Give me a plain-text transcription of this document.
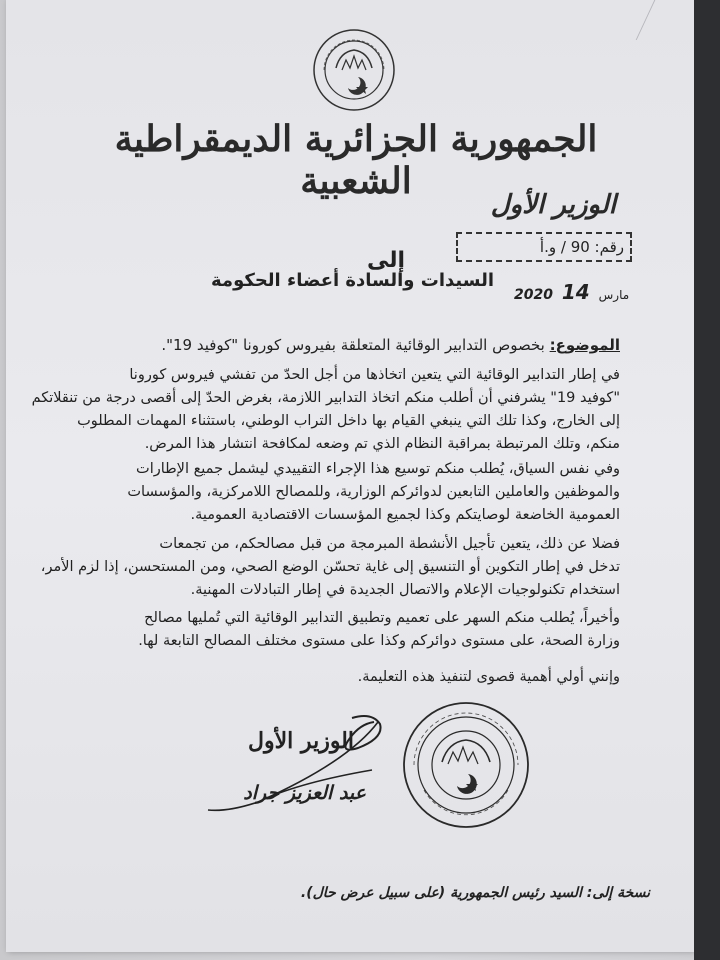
الجمهورية الجزائرية الديمقراطية الشعبية
الوزير الأول
رقم: 90 / و.أ
إلى
السيدات والسادة أعضاء الحكومة
2020	مارس  14
الموضوع: بخصوص التدابير الوقائية المتعلقة بفيروس كورونا "كوفيد 19".
في إطار التدابير الوقائية التي يتعين اتخاذها من أجل الحدّ من تفشي فيروس كورونا
"كوفيد 19" يشرفني أن أطلب منكم اتخاذ التدابير اللازمة، بغرض الحدّ إلى أقصى درجة من تنقلاتكم
إلى الخارج، وكذا تلك التي ينبغي القيام بها داخل التراب الوطني، باستثناء المهمات المطلوب
منكم، وتلك المرتبطة بمراقبة النظام الذي تم وضعه لمكافحة انتشار هذا المرض.
وفي نفس السياق، يُطلب منكم توسيع هذا الإجراء التقييدي ليشمل جميع الإطارات
والموظفين والعاملين التابعين لدوائركم الوزارية، وللمصالح اللامركزية، والمؤسسات
العمومية الخاضعة لوصايتكم وكذا لجميع المؤسسات الاقتصادية العمومية.
فضلا عن ذلك، يتعين تأجيل الأنشطة المبرمجة من قبل مصالحكم، من تجمعات
تدخل في إطار التكوين أو التنسيق إلى غاية تحسّن الوضع الصحي، ومن المستحسن، إذا لزم الأمر،
استخدام تكنولوجيات الإعلام والاتصال الجديدة في إطار التبادلات المهنية.
وأخيراً، يُطلب منكم السهر على تعميم وتطبيق التدابير الوقائية التي تُمليها مصالح
وزارة الصحة، على مستوى دوائركم وكذا على مستوى مختلف المصالح التابعة لها.
وإنني أولي أهمية قصوى لتنفيذ هذه التعليمة.
الوزير الأول
عبد العزيز جراد
نسخة إلى: السيد رئيس الجمهورية (على سبيل عرض حال).
